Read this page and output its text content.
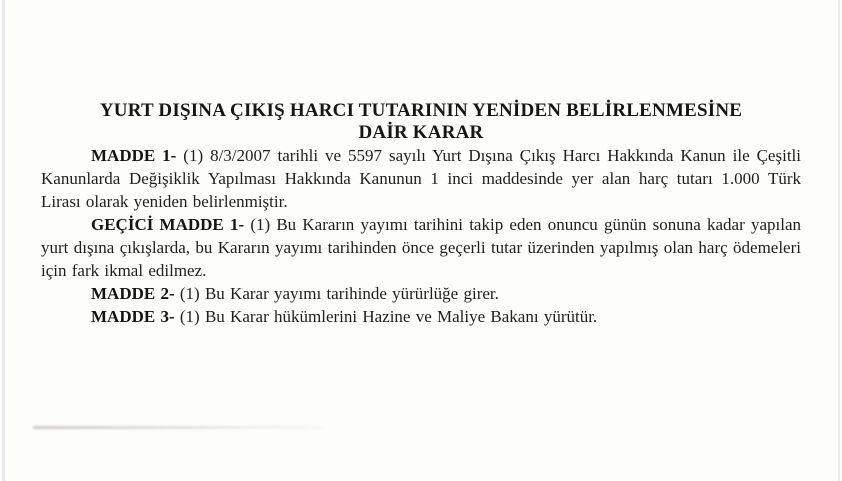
YURT DIŞINA ÇIKIŞ HARCI TUTARININ YENİDEN BELİRLENMESİNE
DAİR KARAR

MADDE 1- (1) 8/3/2007 tarihli ve 5597 sayılı Yurt Dışına Çıkış Harcı Hakkında Kanun ile Çeşitli Kanunlarda Değişiklik Yapılması Hakkında Kanunun 1 inci maddesinde yer alan harç tutarı 1.000 Türk Lirası olarak yeniden belirlenmiştir.

GEÇİCİ MADDE 1- (1) Bu Kararın yayımı tarihini takip eden onuncu günün sonuna kadar yapılan yurt dışına çıkışlarda, bu Kararın yayımı tarihinden önce geçerli tutar üzerinden yapılmış olan harç ödemeleri için fark ikmal edilmez.

MADDE 2- (1) Bu Karar yayımı tarihinde yürürlüğe girer.

MADDE 3- (1) Bu Karar hükümlerini Hazine ve Maliye Bakanı yürütür.
